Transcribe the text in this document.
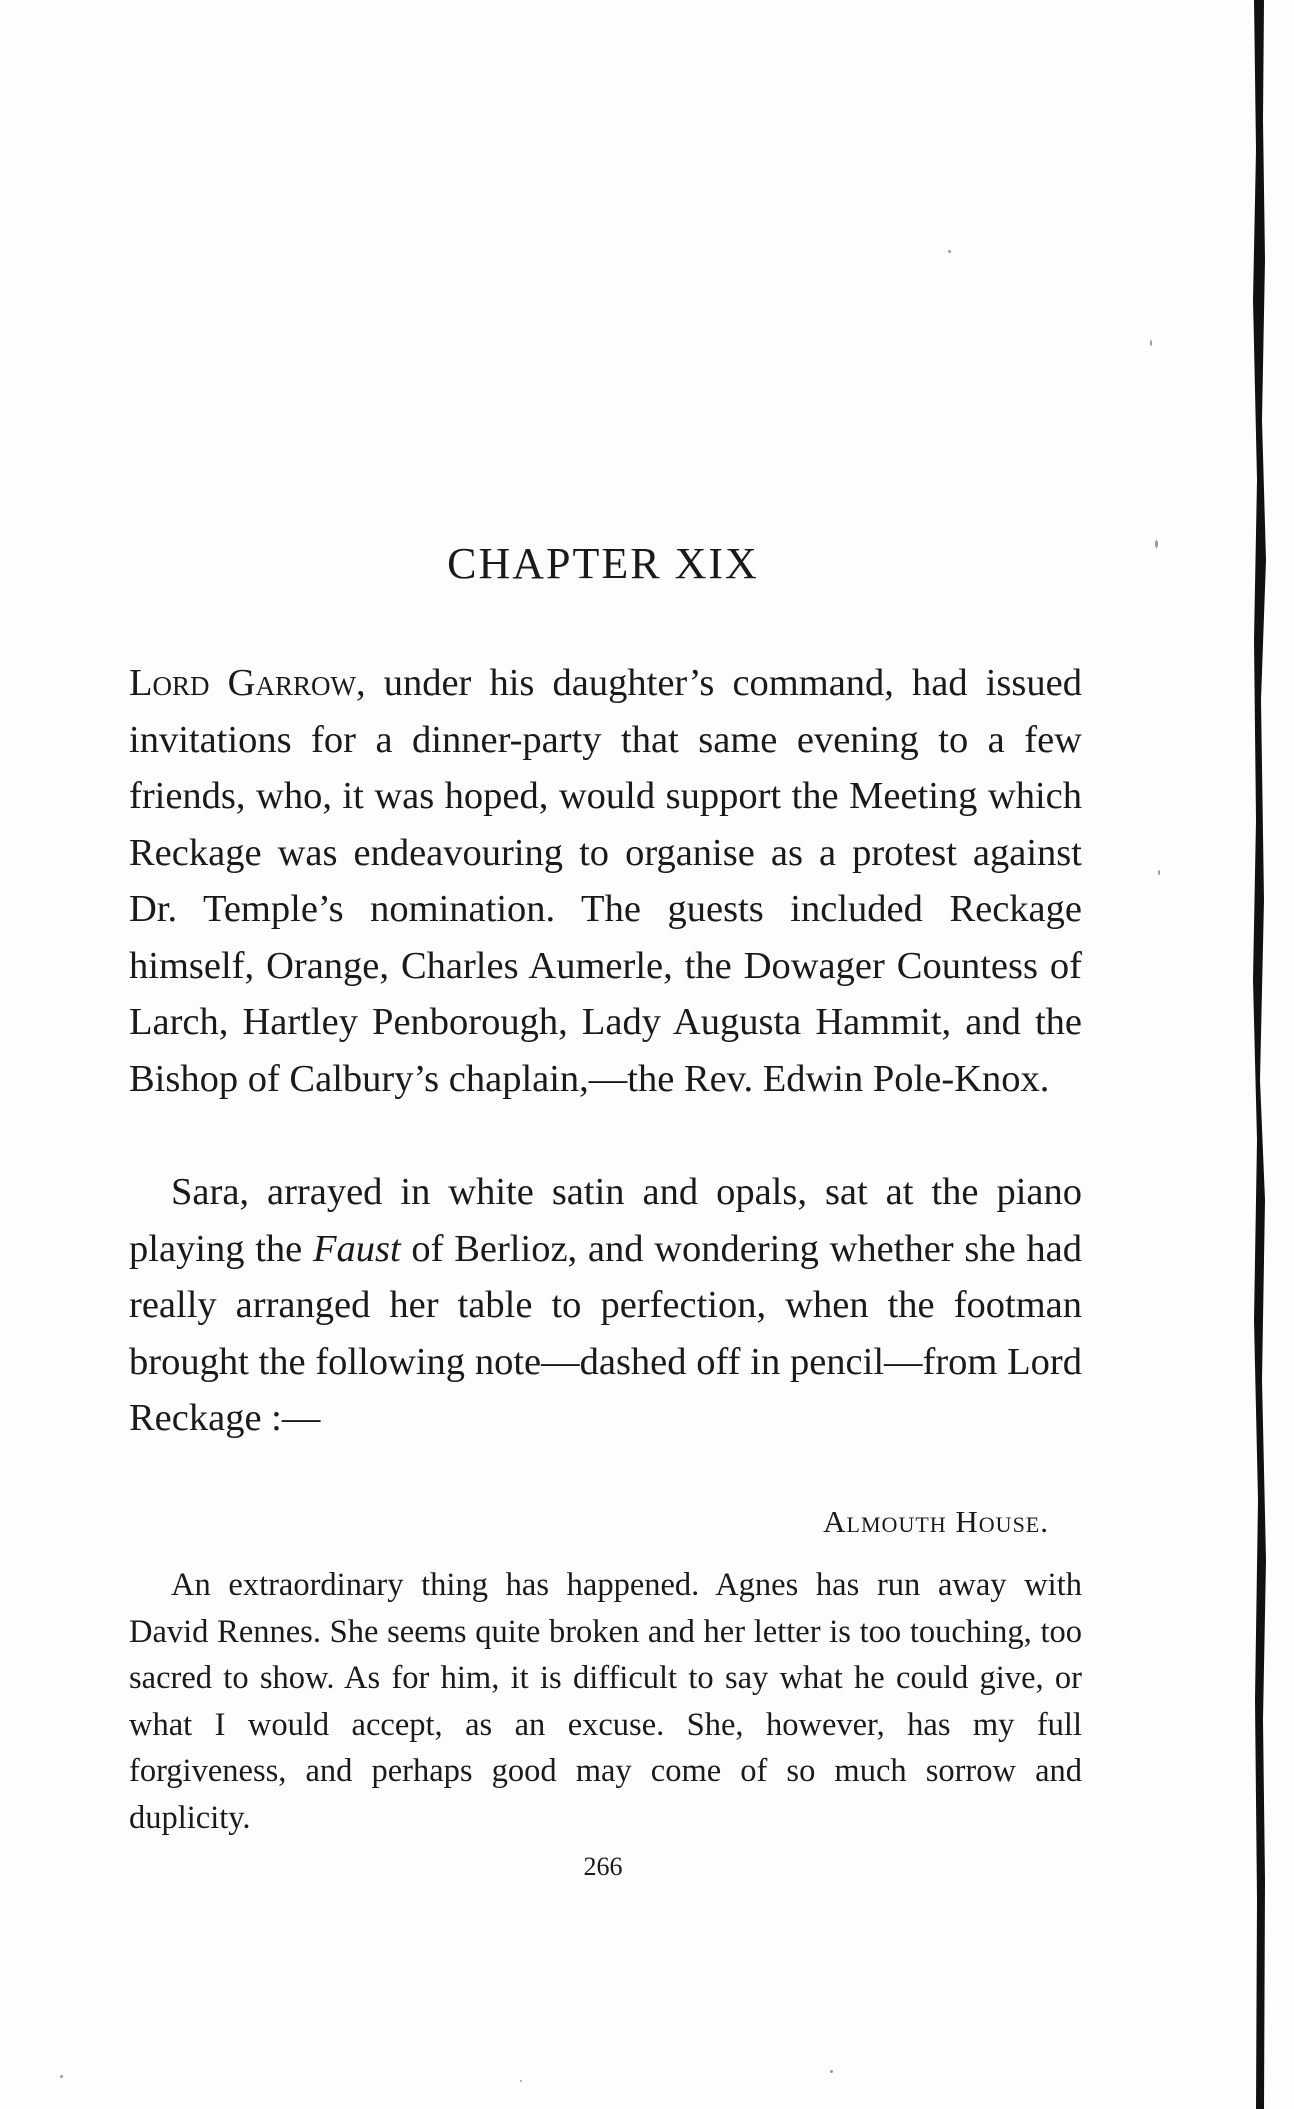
CHAPTER XIX

Lord Garrow, under his daughter’s command, had issued invitations for a dinner-party that same evening to a few friends, who, it was hoped, would support the Meeting which Reckage was endeavouring to organise as a protest against Dr. Temple’s nomination. The guests included Reckage himself, Orange, Charles Aumerle, the Dowager Countess of Larch, Hartley Penborough, Lady Augusta Hammit, and the Bishop of Calbury’s chaplain,—the Rev. Edwin Pole-Knox.

Sara, arrayed in white satin and opals, sat at the piano playing the Faust of Berlioz, and wondering whether she had really arranged her table to perfection, when the footman brought the following note—dashed off in pencil—from Lord Reckage :—

Almouth House.

An extraordinary thing has happened. Agnes has run away with David Rennes. She seems quite broken and her letter is too touching, too sacred to show. As for him, it is difficult to say what he could give, or what I would accept, as an excuse. She, however, has my full forgiveness, and perhaps good may come of so much sorrow and duplicity.

266
